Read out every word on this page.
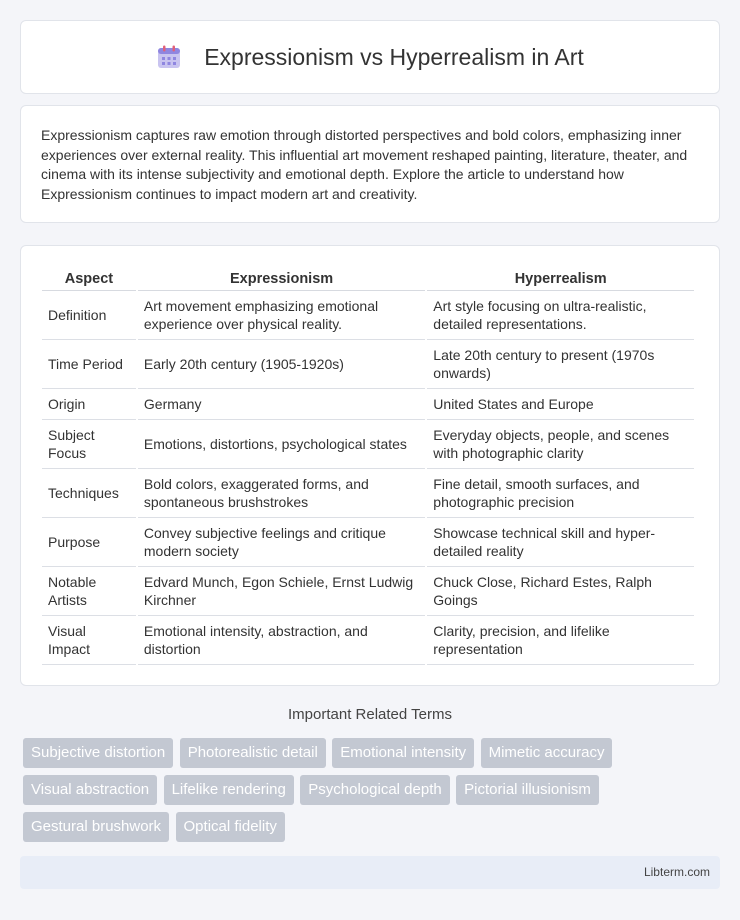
Expressionism vs Hyperrealism in Art

Expressionism captures raw emotion through distorted perspectives and bold colors, emphasizing inner experiences over external reality. This influential art movement reshaped painting, literature, theater, and cinema with its intense subjectivity and emotional depth. Explore the article to understand how Expressionism continues to impact modern art and creativity.

Aspect	Expressionism	Hyperrealism
Definition	Art movement emphasizing emotional experience over physical reality.	Art style focusing on ultra-realistic, detailed representations.
Time Period	Early 20th century (1905-1920s)	Late 20th century to present (1970s onwards)
Origin	Germany	United States and Europe
Subject Focus	Emotions, distortions, psychological states	Everyday objects, people, and scenes with photographic clarity
Techniques	Bold colors, exaggerated forms, and spontaneous brushstrokes	Fine detail, smooth surfaces, and photographic precision
Purpose	Convey subjective feelings and critique modern society	Showcase technical skill and hyper-detailed reality
Notable Artists	Edvard Munch, Egon Schiele, Ernst Ludwig Kirchner	Chuck Close, Richard Estes, Ralph Goings
Visual Impact	Emotional intensity, abstraction, and distortion	Clarity, precision, and lifelike representation
Important Related Terms
Subjective distortion Photorealistic detail Emotional intensity Mimetic accuracy Visual abstraction Lifelike rendering Psychological depth Pictorial illusionism Gestural brushwork Optical fidelity
Libterm.com
